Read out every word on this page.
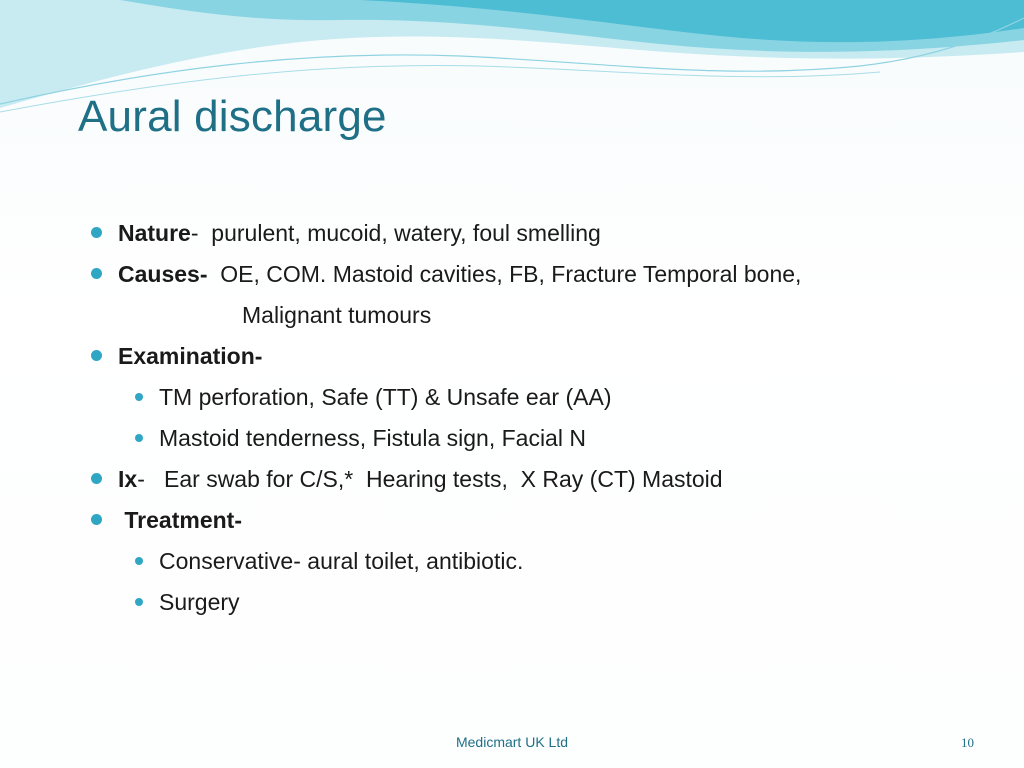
Aural discharge
Nature-  purulent, mucoid, watery, foul smelling
Causes-  OE, COM. Mastoid cavities, FB, Fracture Temporal bone,
Malignant tumours
Examination-
TM perforation, Safe (TT) & Unsafe ear (AA)
Mastoid tenderness, Fistula sign, Facial N
Ix-   Ear swab for C/S,*  Hearing tests,  X Ray (CT) Mastoid
Treatment-
Conservative- aural toilet, antibiotic.
Surgery
Medicmart UK Ltd	10
